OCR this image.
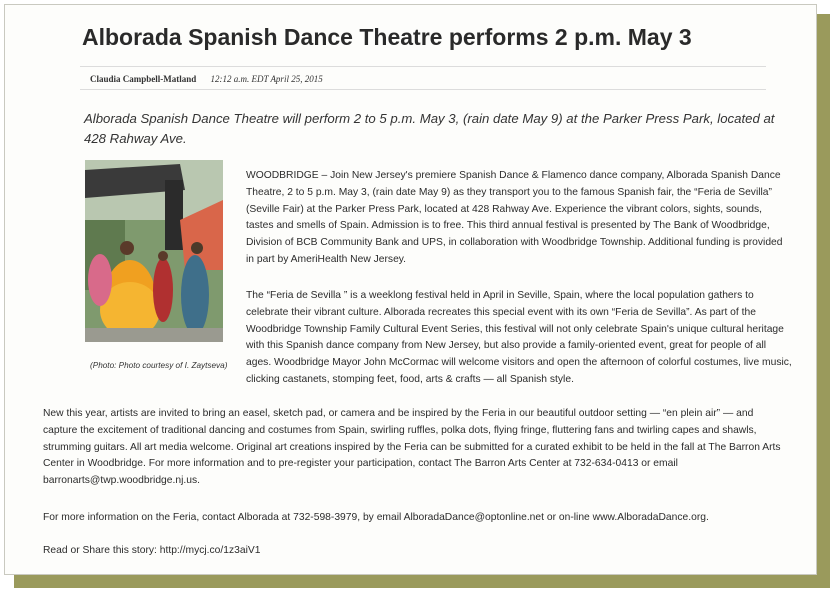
Alborada Spanish Dance Theatre performs 2 p.m. May 3
Claudia Campbell-Matland 12:12 a.m. EDT April 25, 2015
Alborada Spanish Dance Theatre will perform 2 to 5 p.m. May 3, (rain date May 9) at the Parker Press Park, located at 428 Rahway Ave.
(Photo: Photo courtesy of I. Zaytseva)
WOODBRIDGE – Join New Jersey's premiere Spanish Dance & Flamenco dance company, Alborada Spanish Dance Theatre, 2 to 5 p.m. May 3, (rain date May 9) as they transport you to the famous Spanish fair, the “Feria de Sevilla” (Seville Fair) at the Parker Press Park, located at 428 Rahway Ave. Experience the vibrant colors, sights, sounds, tastes and smells of Spain. Admission is to free. This third annual festival is presented by The Bank of Woodbridge, Division of BCB Community Bank and UPS, in collaboration with Woodbridge Township. Additional funding is provided in part by AmeriHealth New Jersey.
The “Feria de Sevilla ” is a weeklong festival held in April in Seville, Spain, where the local population gathers to celebrate their vibrant culture. Alborada recreates this special event with its own “Feria de Sevilla”. As part of the Woodbridge Township Family Cultural Event Series, this festival will not only celebrate Spain's unique cultural heritage with this Spanish dance company from New Jersey, but also provide a family-oriented event, great for people of all ages. Woodbridge Mayor John McCormac will welcome visitors and open the afternoon of colorful costumes, live music, clicking castanets, stomping feet, food, arts & crafts — all Spanish style.
New this year, artists are invited to bring an easel, sketch pad, or camera and be inspired by the Feria in our beautiful outdoor setting — “en plein air” — and capture the excitement of traditional dancing and costumes from Spain, swirling ruffles, polka dots, flying fringe, fluttering fans and twirling capes and shawls, strumming guitars. All art media welcome. Original art creations inspired by the Feria can be submitted for a curated exhibit to be held in the fall at The Barron Arts Center in Woodbridge. For more information and to pre-register your participation, contact The Barron Arts Center at 732-634-0413 or email barronarts@twp.woodbridge.nj.us.
For more information on the Feria, contact Alborada at 732-598-3979, by email AlboradaDance@optonline.net or on-line www.AlboradaDance.org.
Read or Share this story: http://mycj.co/1z3aiV1
